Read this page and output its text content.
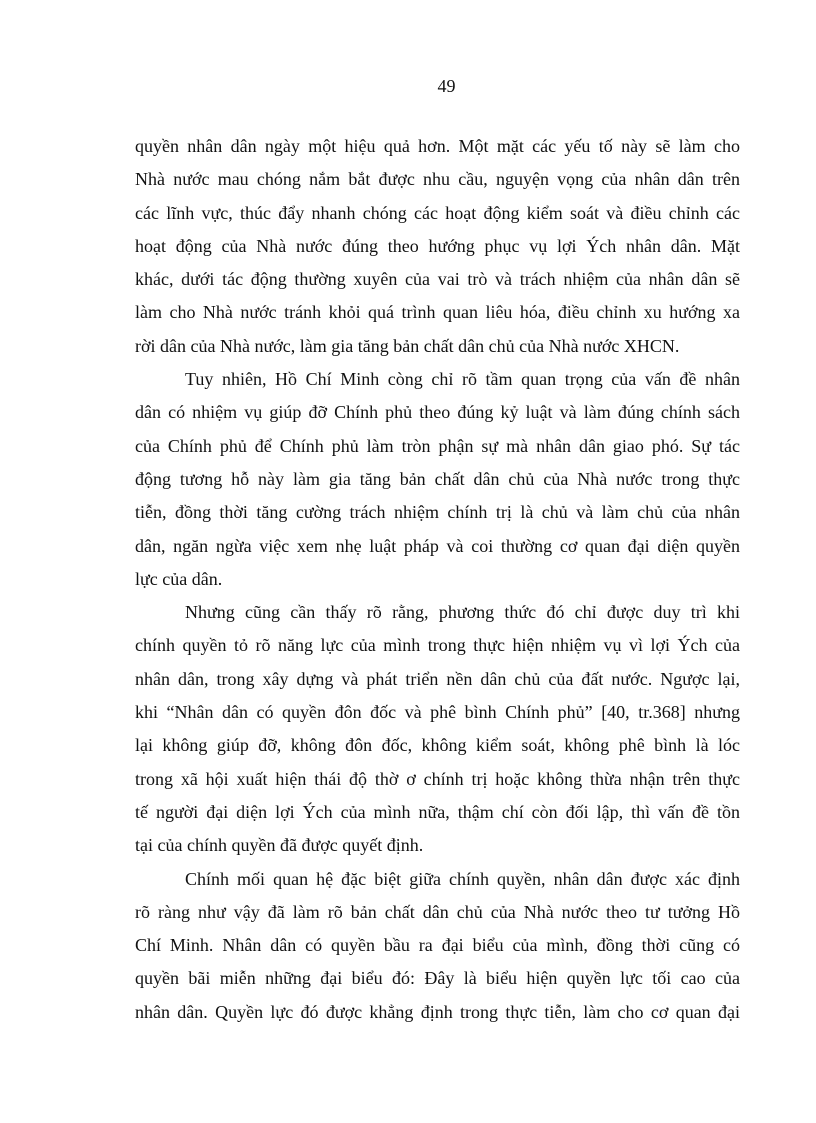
49
quyền nhân dân ngày một hiệu quả hơn. Một mặt các yếu tố này sẽ làm cho
Nhà nước mau chóng nắm bắt được nhu cầu, nguyện vọng của nhân dân trên
các lĩnh vực, thúc đẩy nhanh chóng các hoạt động kiểm soát và điều chỉnh các
hoạt động của Nhà nước đúng theo hướng phục vụ lợi Ých nhân dân. Mặt
khác, dưới tác động thường xuyên của vai trò và trách nhiệm của nhân dân sẽ
làm cho Nhà nước tránh khỏi quá trình quan liêu hóa, điều chỉnh xu hướng xa
rời dân của Nhà nước, làm gia tăng bản chất dân chủ của Nhà nước XHCN.
Tuy nhiên, Hồ Chí Minh còng chỉ rõ tầm quan trọng của vấn đề nhân
dân có nhiệm vụ giúp đỡ Chính phủ theo đúng kỷ luật và làm đúng chính sách
của Chính phủ để Chính phủ làm tròn phận sự mà nhân dân giao phó. Sự tác
động tương hỗ này làm gia tăng bản chất dân chủ của Nhà nước trong thực
tiễn, đồng thời tăng cường trách nhiệm chính trị là chủ và làm chủ của nhân
dân, ngăn ngừa việc xem nhẹ luật pháp và coi thường cơ quan đại diện quyền
lực của dân.
Nhưng cũng cần thấy rõ rằng, phương thức đó chỉ được duy trì khi
chính quyền tỏ rõ năng lực của mình trong thực hiện nhiệm vụ vì lợi Ých của
nhân dân, trong xây dựng và phát triển nền dân chủ của đất nước. Ngược lại,
khi “Nhân dân có quyền đôn đốc và phê bình Chính phủ” [40, tr.368] nhưng
lại không giúp đỡ, không đôn đốc, không kiểm soát, không phê bình là lóc
trong xã hội xuất hiện thái độ thờ ơ chính trị hoặc không thừa nhận trên thực
tế người đại diện lợi Ých của mình nữa, thậm chí còn đối lập, thì vấn đề tồn
tại của chính quyền đã được quyết định.
Chính mối quan hệ đặc biệt giữa chính quyền, nhân dân được xác định
rõ ràng như vậy đã làm rõ bản chất dân chủ của Nhà nước theo tư tưởng Hồ
Chí Minh. Nhân dân có quyền bầu ra đại biểu của mình, đồng thời cũng có
quyền bãi miễn những đại biểu đó: Đây là biểu hiện quyền lực tối cao của
nhân dân. Quyền lực đó được khẳng định trong thực tiễn, làm cho cơ quan đại
